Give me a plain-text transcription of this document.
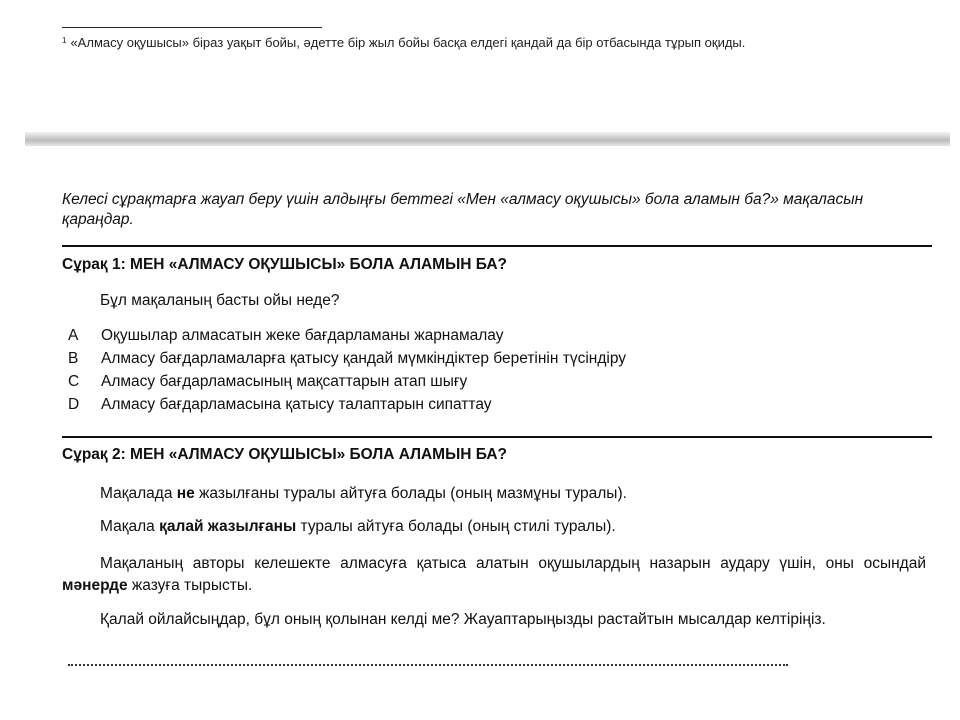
$^1$ «Алмасу оқушысы» біраз уақыт бойы, әдетте бір жыл бойы басқа елдегі қандай да бір отбасында тұрып оқиды.
Келесі сұрақтарға жауап беру үшін алдыңғы беттегі «Мен «алмасу оқушысы» бола аламын ба?» мақаласын қараңдар.
Сұрақ 1: МЕН «АЛМАСУ ОҚУШЫСЫ» БОЛА АЛАМЫН БА?
Бұл мақаланың басты ойы неде?
A	Оқушылар алмасатын жеке бағдарламаны жарнамалау
B	Алмасу бағдарламаларға қатысу қандай мүмкіндіктер беретінін түсіндіру
C	Алмасу бағдарламасының мақсаттарын атап шығу
D	Алмасу бағдарламасына қатысу талаптарын сипаттау
Сұрақ 2: МЕН «АЛМАСУ ОҚУШЫСЫ» БОЛА АЛАМЫН БА?
Мақалада не жазылғаны туралы айтуға болады (оның мазмұны туралы).
Мақала қалай жазылғаны туралы айтуға болады (оның стилі туралы).
Мақаланың авторы келешекте алмасуға қатыса алатын оқушылардың назарын аудару үшін, оны осындай мәнерде жазуға тырысты.
Қалай ойлайсыңдар, бұл оның қолынан келді ме? Жауаптарыңызды растайтын мысалдар келтіріңіз.
